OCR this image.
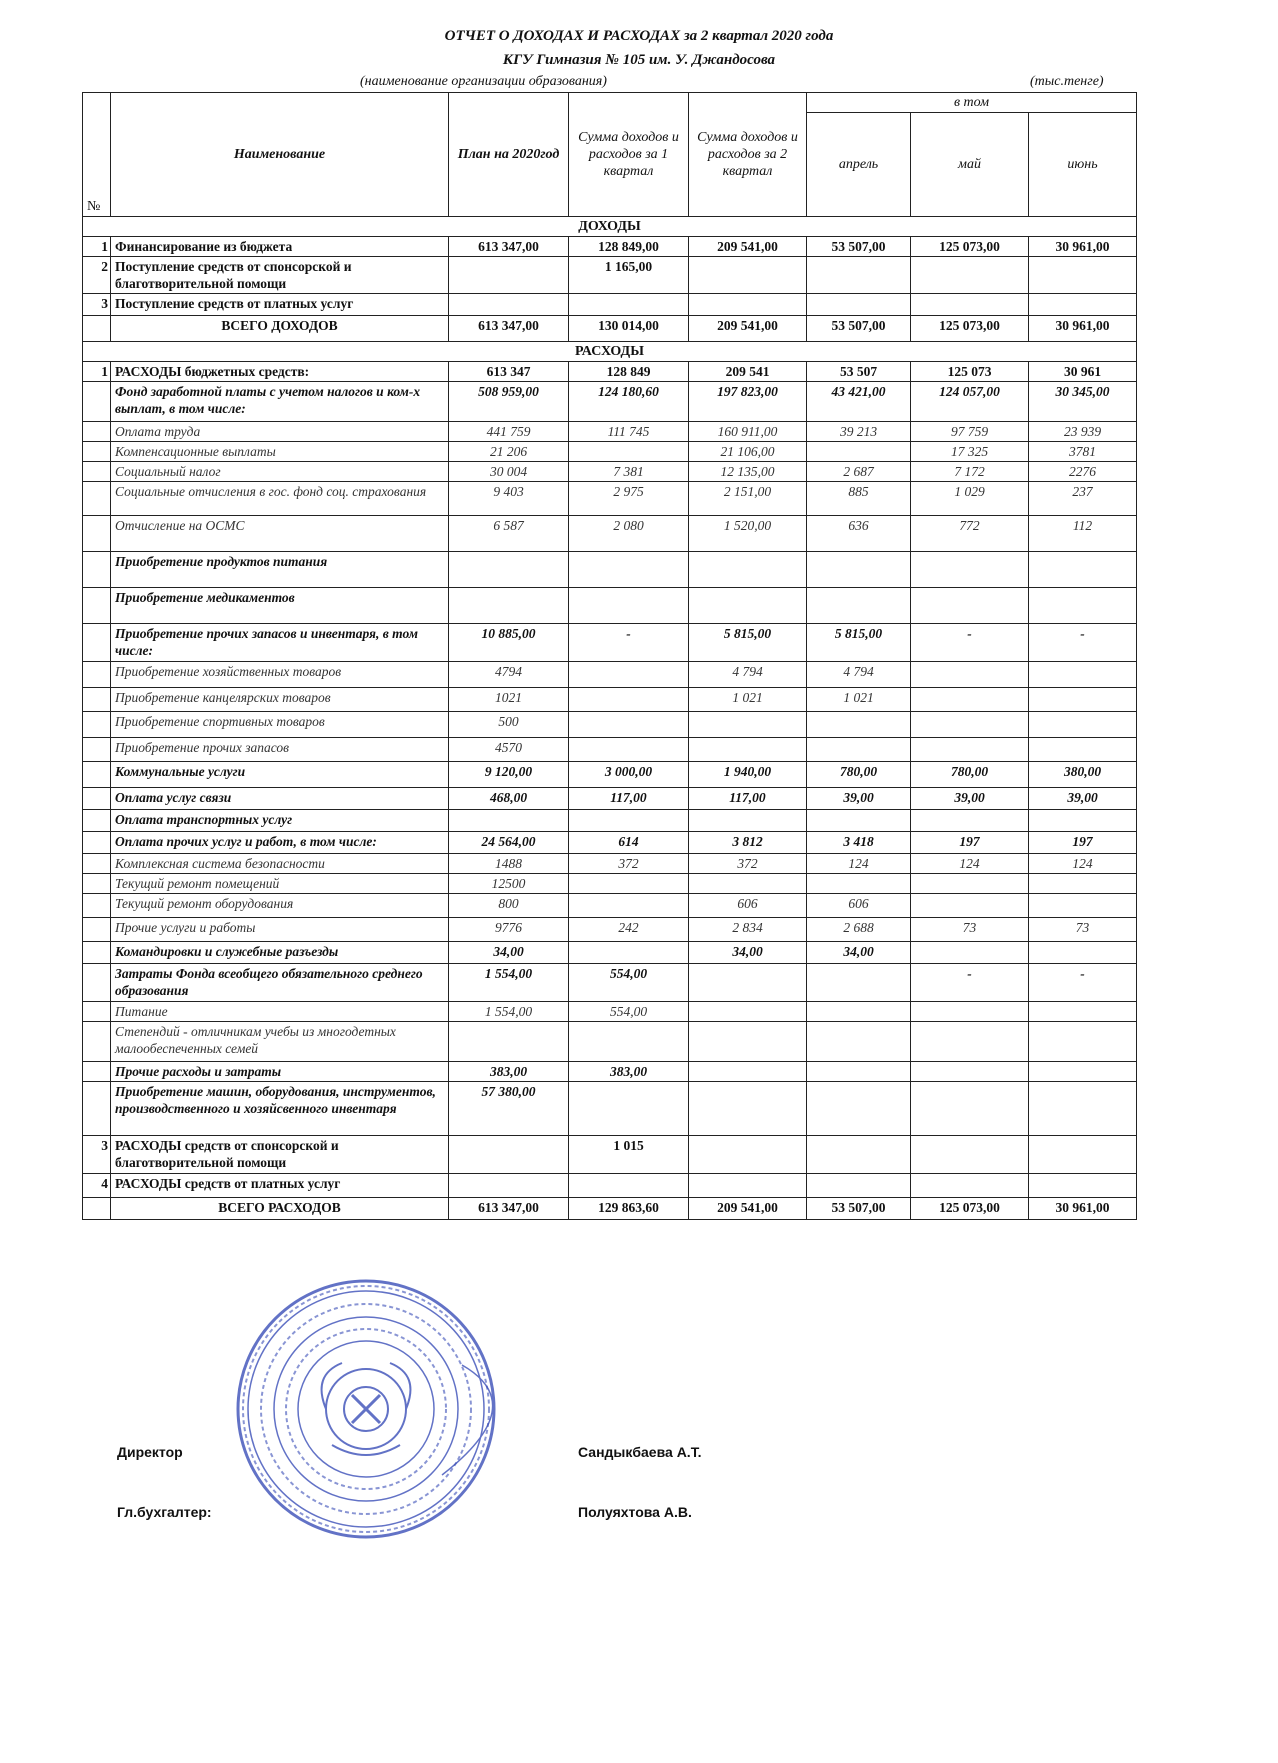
ОТЧЕТ О ДОХОДАХ И РАСХОДАХ за 2 квартал 2020 года
КГУ Гимназия № 105 им. У. Джандосова
(наименование организации образования)	(тыс.тенге)
№	Наименование	План на 2020год	Сумма доходов и расходов за 1 квартал	Сумма доходов и расходов за 2 квартал	в том		
					апрель	май	июнь
ДОХОДЫ							
1	Финансирование из бюджета	613 347,00	128 849,00	209 541,00	53 507,00	125 073,00	30 961,00
2	Поступление средств от спонсорской и благотворительной помощи		1 165,00				
3	Поступление средств от платных услуг						
	ВСЕГО ДОХОДОВ	613 347,00	130 014,00	209 541,00	53 507,00	125 073,00	30 961,00
РАСХОДЫ							
1	РАСХОДЫ бюджетных средств:	613 347	128 849	209 541	53 507	125 073	30 961
	Фонд заработной платы с учетом налогов и ком-х выплат, в том числе:	508 959,00	124 180,60	197 823,00	43 421,00	124 057,00	30 345,00
	Оплата труда	441 759	111 745	160 911,00	39 213	97 759	23 939
	Компенсационные выплаты	21 206		21 106,00		17 325	3781
	Социальный налог	30 004	7 381	12 135,00	2 687	7 172	2276
	Социальные отчисления в гос. фонд соц. страхования	9 403	2 975	2 151,00	885	1 029	237
	Отчисление на ОСМС	6 587	2 080	1 520,00	636	772	112
	Приобретение продуктов питания						
	Приобретение медикаментов						
	Приобретение прочих запасов и инвентаря, в том числе:	10 885,00	-	5 815,00	5 815,00	-	-
	Приобретение хозяйственных товаров	4794		4 794	4 794		
	Приобретение канцелярских товаров	1021		1 021	1 021		
	Приобретение спортивных товаров	500					
	Приобретение прочих запасов	4570					
	Коммунальные услуги	9 120,00	3 000,00	1 940,00	780,00	780,00	380,00
	Оплата услуг связи	468,00	117,00	117,00	39,00	39,00	39,00
	Оплата транспортных услуг						
	Оплата прочих услуг и работ, в том числе:	24 564,00	614	3 812	3 418	197	197
	Комплексная система безопасности	1488	372	372	124	124	124
	Текущий ремонт помещений	12500					
	Текущий ремонт оборудования	800		606	606		
	Прочие услуги и работы	9776	242	2 834	2 688	73	73
	Командировки и служебные разъезды	34,00		34,00	34,00		
	Затраты Фонда всеобщего обязательного среднего образования	1 554,00	554,00			-	-
	Питание	1 554,00	554,00				
	Степендий - отличникам учебы из многодетных малообеспеченных семей						
	Прочие расходы и затраты	383,00	383,00				
	Приобретение машин, оборудования, инструментов, производственного и хозяйсвенного инвентаря	57 380,00					
3	РАСХОДЫ средств от спонсорской и благотворительной помощи		1 015				
4	РАСХОДЫ средств от платных услуг						
	ВСЕГО РАСХОДОВ	613 347,00	129 863,60	209 541,00	53 507,00	125 073,00	30 961,00
Директор	Сандыкбаева А.Т.
Гл.бухгалтер:	Полуяхтова А.В.
